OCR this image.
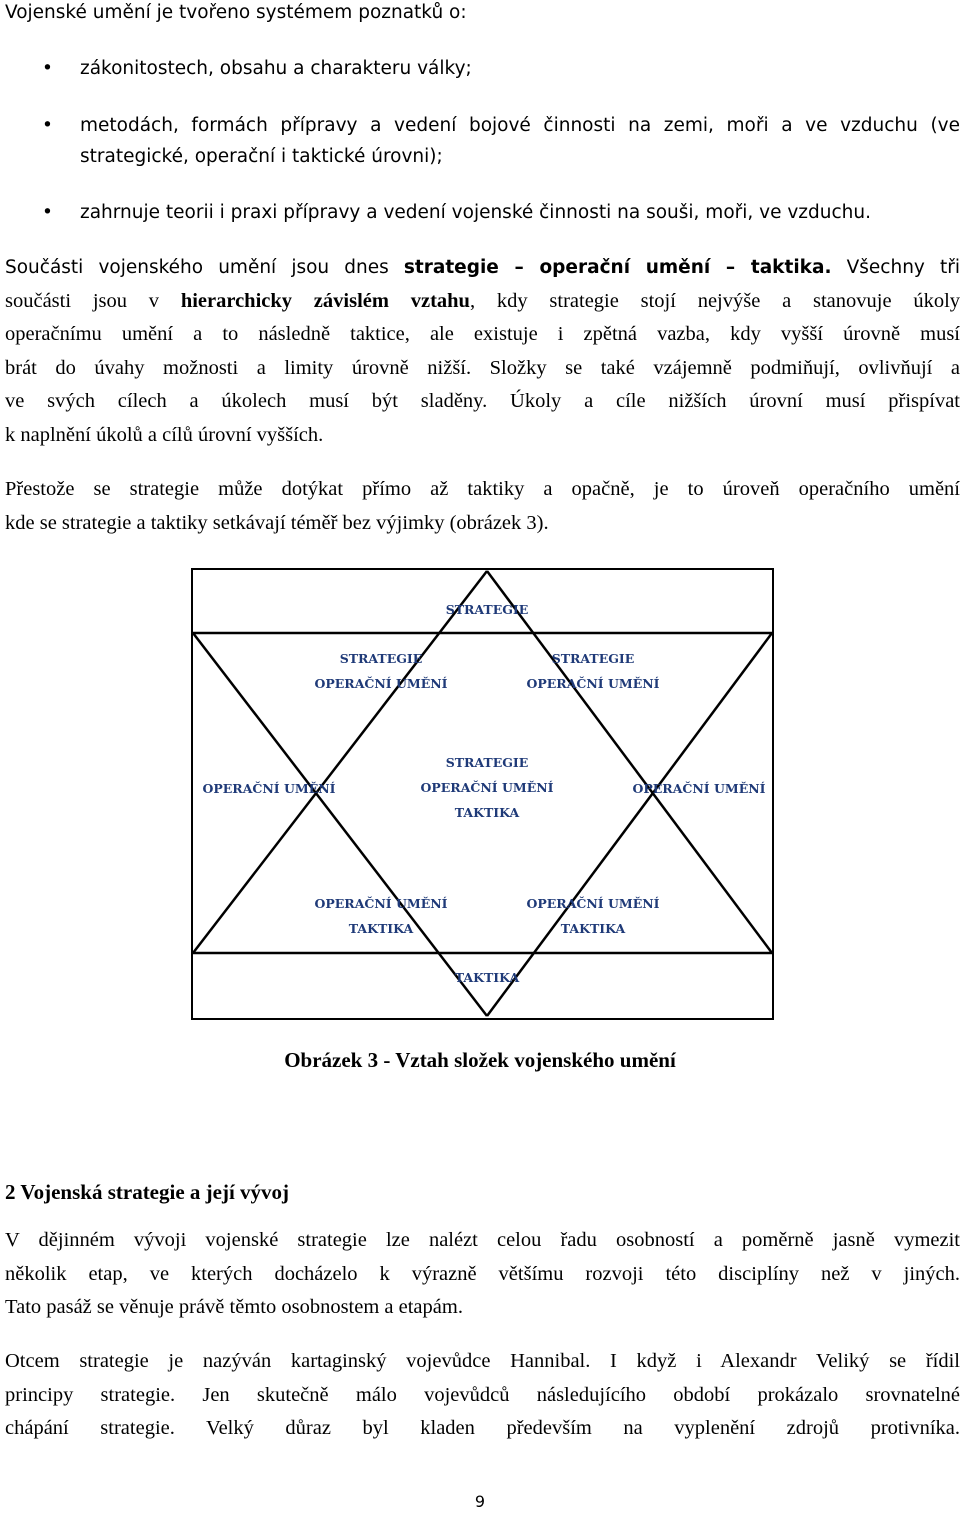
Vojenské umění je tvořeno systémem poznatků o:
• zákonitostech, obsahu a charakteru války;
• metodách, formách přípravy a vedení bojové činnosti na zemi, moři a ve vzduchu (ve
strategické, operační i taktické úrovni);
• zahrnuje teorii i praxi přípravy a vedení vojenské činnosti na souši, moři, ve vzduchu.
Součásti vojenského umění jsou dnes strategie – operační umění – taktika. Všechny tři
součásti jsou v hierarchicky závislém vztahu, kdy strategie stojí nejvýše a stanovuje úkoly
operačnímu umění a to následně taktice, ale existuje i zpětná vazba, kdy vyšší úrovně musí
brát do úvahy možnosti a limity úrovně nižší. Složky se také vzájemně podmiňují, ovlivňují a
ve svých cílech a úkolech musí být sladěny. Úkoly a cíle nižších úrovní musí přispívat
k naplnění úkolů a cílů úrovní vyšších.
Přestože se strategie může dotýkat přímo až taktiky a opačně, je to úroveň operačního umění
kde se strategie a taktiky setkávají téměř bez výjimky (obrázek 3).
STRATEGIE
STRATEGIE
OPERAČNÍ UMĚNÍ
STRATEGIE
OPERAČNÍ UMĚNÍ
OPERAČNÍ UMĚNÍ	OPERAČNÍ UMĚNÍ
STRATEGIE
OPERAČNÍ UMĚNÍ
TAKTIKA
OPERAČNÍ UMĚNÍ
TAKTIKA
OPERAČNÍ UMĚNÍ
TAKTIKA
TAKTIKA
Obrázek 3 - Vztah složek vojenského umění
2 Vojenská strategie a její vývoj
V dějinném vývoji vojenské strategie lze nalézt celou řadu osobností a poměrně jasně vymezit
několik etap, ve kterých docházelo k výrazně většímu rozvoji této disciplíny než v jiných.
Tato pasáž se věnuje právě těmto osobnostem a etapám.
Otcem strategie je nazýván kartaginský vojevůdce Hannibal. I když i Alexandr Veliký se řídil
principy strategie. Jen skutečně málo vojevůdců následujícího období prokázalo srovnatelné
chápání strategie. Velký důraz byl kladen především na vyplenění zdrojů protivníka.
9
